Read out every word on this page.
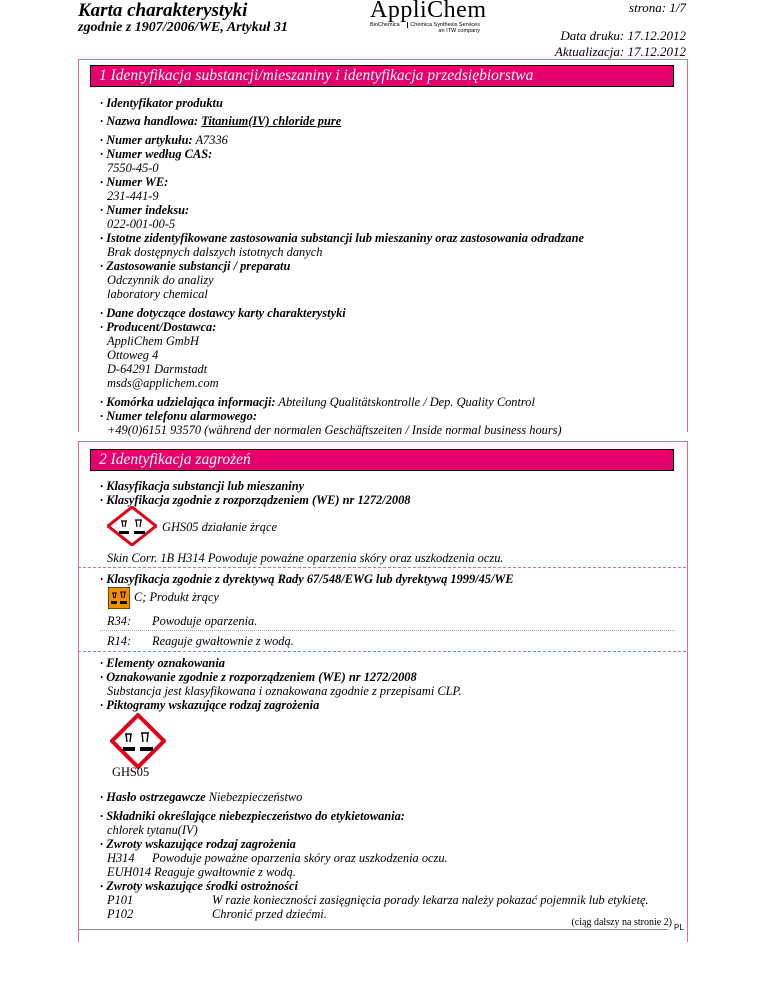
Karta charakterystyki
zgodnie z 1907/2006/WE, Artykuł 31
AppliChem
BioChemica	Chemica Synthesis Services
an ITW company
strona: 1/7
Data druku: 17.12.2012
Aktualizacja: 17.12.2012
1 Identyfikacja substancji/mieszaniny i identyfikacja przedsiębiorstwa
· Identyfikator produktu
· Nazwa handlowa: Titanium(IV) chloride pure
· Numer artykułu: A7336
· Numer według CAS:
7550-45-0
· Numer WE:
231-441-9
· Numer indeksu:
022-001-00-5
· Istotne zidentyfikowane zastosowania substancji lub mieszaniny oraz zastosowania odradzane
Brak dostępnych dalszych istotnych danych
· Zastosowanie substancji / preparatu
Odczynnik do analizy
laboratory chemical
· Dane dotyczące dostawcy karty charakterystyki
· Producent/Dostawca:
AppliChem GmbH
Ottoweg 4
D-64291 Darmstadt
msds@applichem.com
· Komórka udzielająca informacji: Abteilung Qualitätskontrolle / Dep. Quality Control
· Numer telefonu alarmowego:
+49(0)6151 93570 (während der normalen Geschäftszeiten / Inside normal business hours)
2 Identyfikacja zagrożeń
· Klasyfikacja substancji lub mieszaniny
· Klasyfikacja zgodnie z rozporządzeniem (WE) nr 1272/2008
GHS05 działanie żrące
Skin Corr. 1B H314 Powoduje poważne oparzenia skóry oraz uszkodzenia oczu.
· Klasyfikacja zgodnie z dyrektywą Rady 67/548/EWG lub dyrektywą 1999/45/WE
C; Produkt żrący
R34: Powoduje oparzenia.
R14: Reaguje gwałtownie z wodą.
· Elementy oznakowania
· Oznakowanie zgodnie z rozporządzeniem (WE) nr 1272/2008
Substancja jest klasyfikowana i oznakowana zgodnie z przepisami CLP.
· Piktogramy wskazujące rodzaj zagrożenia
GHS05
· Hasło ostrzegawcze Niebezpieczeństwo
· Składniki określające niebezpieczeństwo do etykietowania:
chlorek tytanu(IV)
· Zwroty wskazujące rodzaj zagrożenia
H314 Powoduje poważne oparzenia skóry oraz uszkodzenia oczu.
EUH014 Reaguje gwałtownie z wodą.
· Zwroty wskazujące środki ostrożności
P101	W razie konieczności zasięgnięcia porady lekarza należy pokazać pojemnik lub etykietę.
P102	Chronić przed dziećmi.
(ciąg dalszy na stronie 2) PL
